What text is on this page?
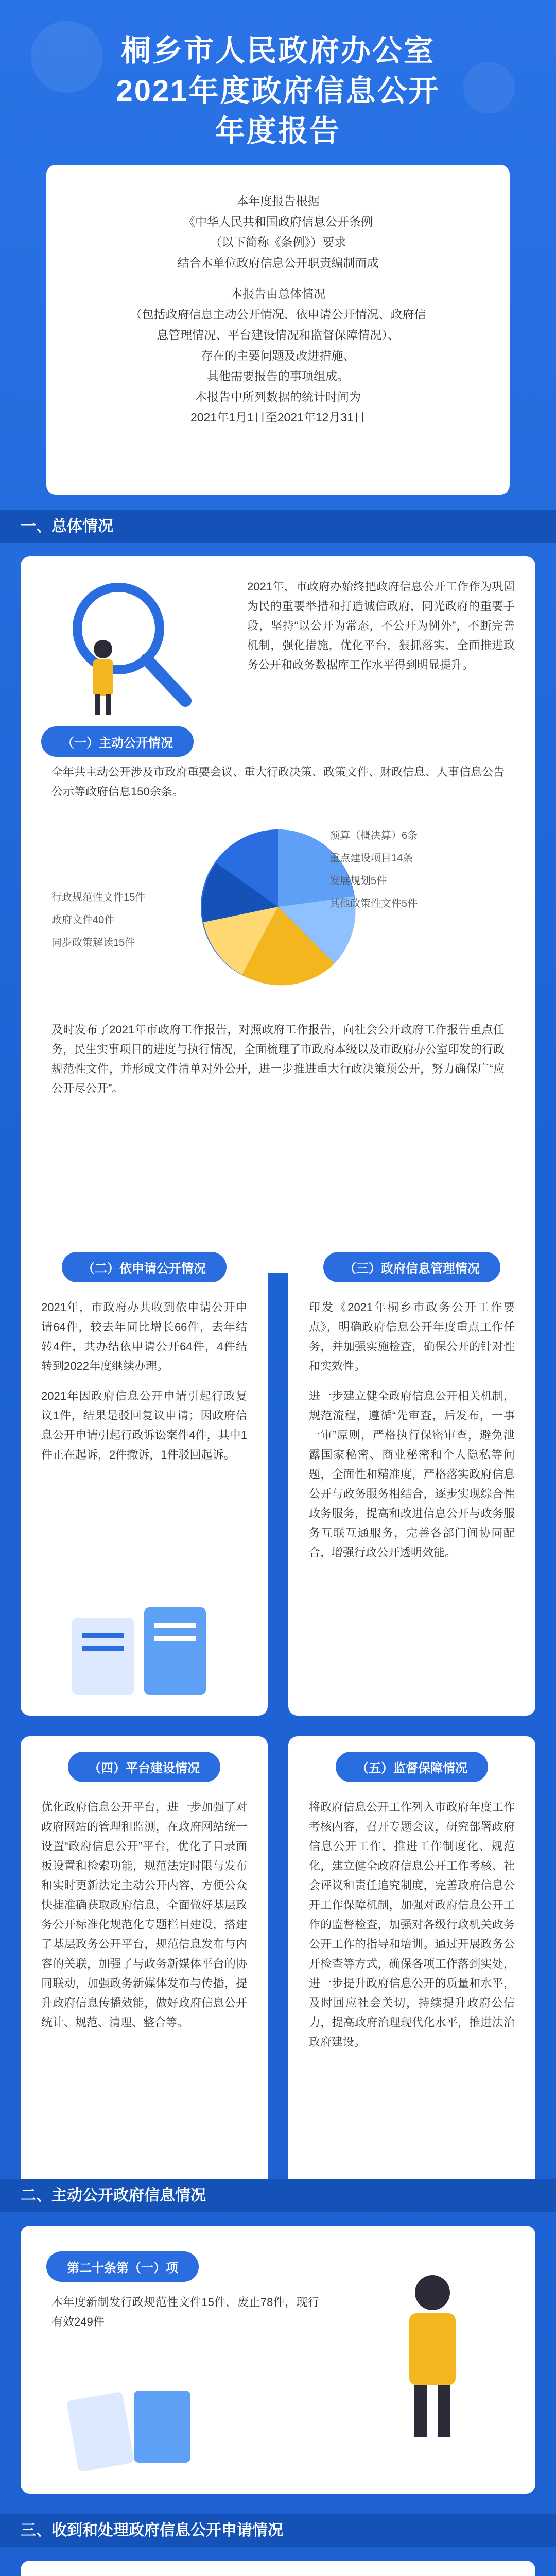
桐乡市人民政府办公室
2021年度政府信息公开
年度报告

本年度报告根据

《中华人民共和国政府信息公开条例

（以下简称《条例》）要求

结合本单位政府信息公开职责编制而成

本报告由总体情况

（包括政府信息主动公开情况、依申请公开情况、政府信

息管理情况、平台建设情况和监督保障情况）、

存在的主要问题及改进措施、

其他需要报告的事项组成。

本报告中所列数据的统计时间为

2021年1月1日至2021年12月31日

一、总体情况
2021年，市政府办始终把政府信息公开工作作为巩固为民的重要举措和打造诚信政府，同光政府的重要手段，坚持“以公开为常态，不公开为例外”，不断完善机制，强化措施，优化平台，狠抓落实，全面推进政务公开和政务数据库工作水平得到明显提升。
（一）主动公开情况
全年共主动公开涉及市政府重要会议、重大行政决策、政策文件、财政信息、人事信息公告公示等政府信息150余条。
预算（概决算）6条
重点建设项目14条
发展规划5件
其他政策性文件5件
行政规范性文件15件
政府文件40件
同步政策解读15件
及时发布了2021年市政府工作报告，对照政府工作报告，向社会公开政府工作报告重点任务，民生实事项目的进度与执行情况，全面梳理了市政府本级以及市政府办公室印发的行政规范性文件，并形成文件清单对外公开，进一步推进重大行政决策预公开，努力确保广“应公开尽公开”。
（二）依申请公开情况
2021年，市政府办共收到依申请公开申请64件，较去年同比增长66件，去年结转4件，共办结依申请公开64件，4件结转到2022年度继续办理。
2021年因政府信息公开申请引起行政复议1件，结果是驳回复议申请；因政府信息公开申请引起行政诉讼案件4件，其中1件正在起诉，2件撤诉，1件驳回起诉。
（三）政府信息管理情况
印发《2021年桐乡市政务公开工作要点》，明确政府信息公开年度重点工作任务，并加强实施检查，确保公开的针对性和实效性。
进一步建立健全政府信息公开相关机制，规范流程，遵循“先审查，后发布，一事一审”原则，严格执行保密审查，避免泄露国家秘密、商业秘密和个人隐私等问题，全面性和精准度，严格落实政府信息公开与政务服务相结合，逐步实现综合性政务服务，提高和改进信息公开与政务服务互联互通服务，完善各部门间协同配合，增强行政公开透明效能。
（四）平台建设情况
优化政府信息公开平台，进一步加强了对政府网站的管理和监测，在政府网站统一设置“政府信息公开”平台，优化了目录面板设置和检索功能，规范法定时限与发布和实时更新法定主动公开内容，方便公众快捷准确获取政府信息，全面做好基层政务公开标准化规范化专题栏目建设，搭建了基层政务公开平台，规范信息发布与内容的关联，加强了与政务新媒体平台的协同联动，加强政务新媒体发布与传播，提升政府信息传播效能，做好政府信息公开统计、规范、清理、整合等。
（五）监督保障情况
将政府信息公开工作列入市政府年度工作考核内容，召开专题会议，研究部署政府信息公开工作，推进工作制度化、规范化，建立健全政府信息公开工作考核、社会评议和责任追究制度，完善政府信息公开工作保障机制，加强对政府信息公开工作的监督检查，加强对各级行政机关政务公开工作的指导和培训。通过开展政务公开检查等方式，确保各项工作落到实处，进一步提升政府信息公开的质量和水平，及时回应社会关切，持续提升政府公信力，提高政府治理现代化水平，推进法治政府建设。
二、主动公开政府信息情况
第二十条第（一）项
本年度新制发行政规范性文件15件，废止78件，现行有效249件
三、收到和处理政府信息公开申请情况
